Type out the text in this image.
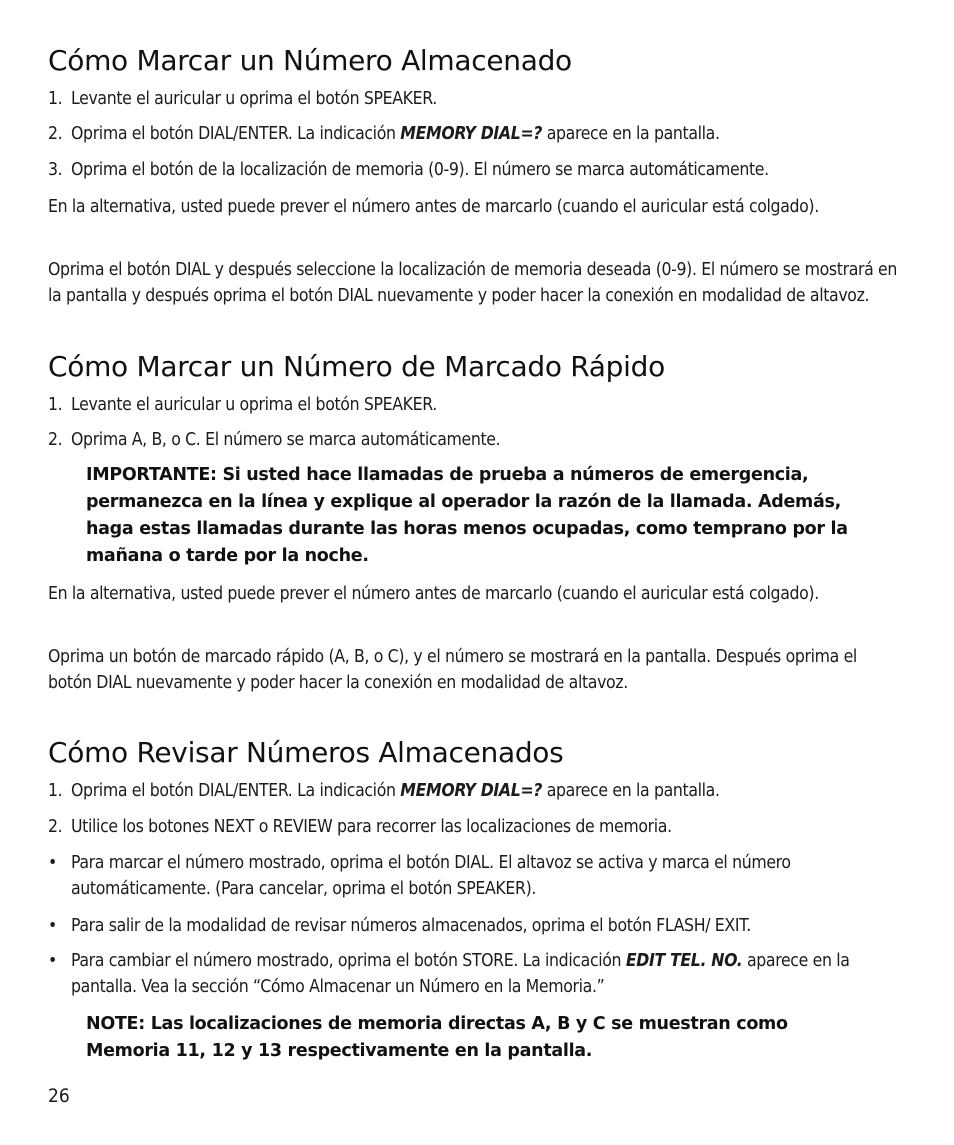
Cómo Marcar un Número Almacenado
1. Levante el auricular u oprima el botón SPEAKER.
2. Oprima el botón DIAL/ENTER. La indicación MEMORY DIAL=? aparece en la pantalla.
3. Oprima el botón de la localización de memoria (0-9). El número se marca automáticamente.
En la alternativa, usted puede prever el número antes de marcarlo (cuando el auricular está colgado).
Oprima el botón DIAL y después seleccione la localización de memoria deseada (0-9). El número se mostrará en la pantalla y después oprima el botón DIAL nuevamente y poder hacer la conexión en modalidad de altavoz.
Cómo Marcar un Número de Marcado Rápido
1. Levante el auricular u oprima el botón SPEAKER.
2. Oprima A, B, o C. El número se marca automáticamente.
IMPORTANTE: Si usted hace llamadas de prueba a números de emergencia, permanezca en la línea y explique al operador la razón de la llamada. Además, haga estas llamadas durante las horas menos ocupadas, como temprano por la mañana o tarde por la noche.
En la alternativa, usted puede prever el número antes de marcarlo (cuando el auricular está colgado).
Oprima un botón de marcado rápido (A, B, o C), y el número se mostrará en la pantalla. Después oprima el botón DIAL nuevamente y poder hacer la conexión en modalidad de altavoz.
Cómo Revisar Números Almacenados
1. Oprima el botón DIAL/ENTER. La indicación MEMORY DIAL=? aparece en la pantalla.
2. Utilice los botones NEXT o REVIEW para recorrer las localizaciones de memoria.
• Para marcar el número mostrado, oprima el botón DIAL. El altavoz se activa y marca el número automáticamente. (Para cancelar, oprima el botón SPEAKER).
• Para salir de la modalidad de revisar números almacenados, oprima el botón FLASH/ EXIT.
• Para cambiar el número mostrado, oprima el botón STORE. La indicación EDIT TEL. NO. aparece en la pantalla. Vea la sección “Cómo Almacenar un Número en la Memoria.”
NOTE: Las localizaciones de memoria directas A, B y C se muestran como Memoria 11, 12 y 13 respectivamente en la pantalla.
26
